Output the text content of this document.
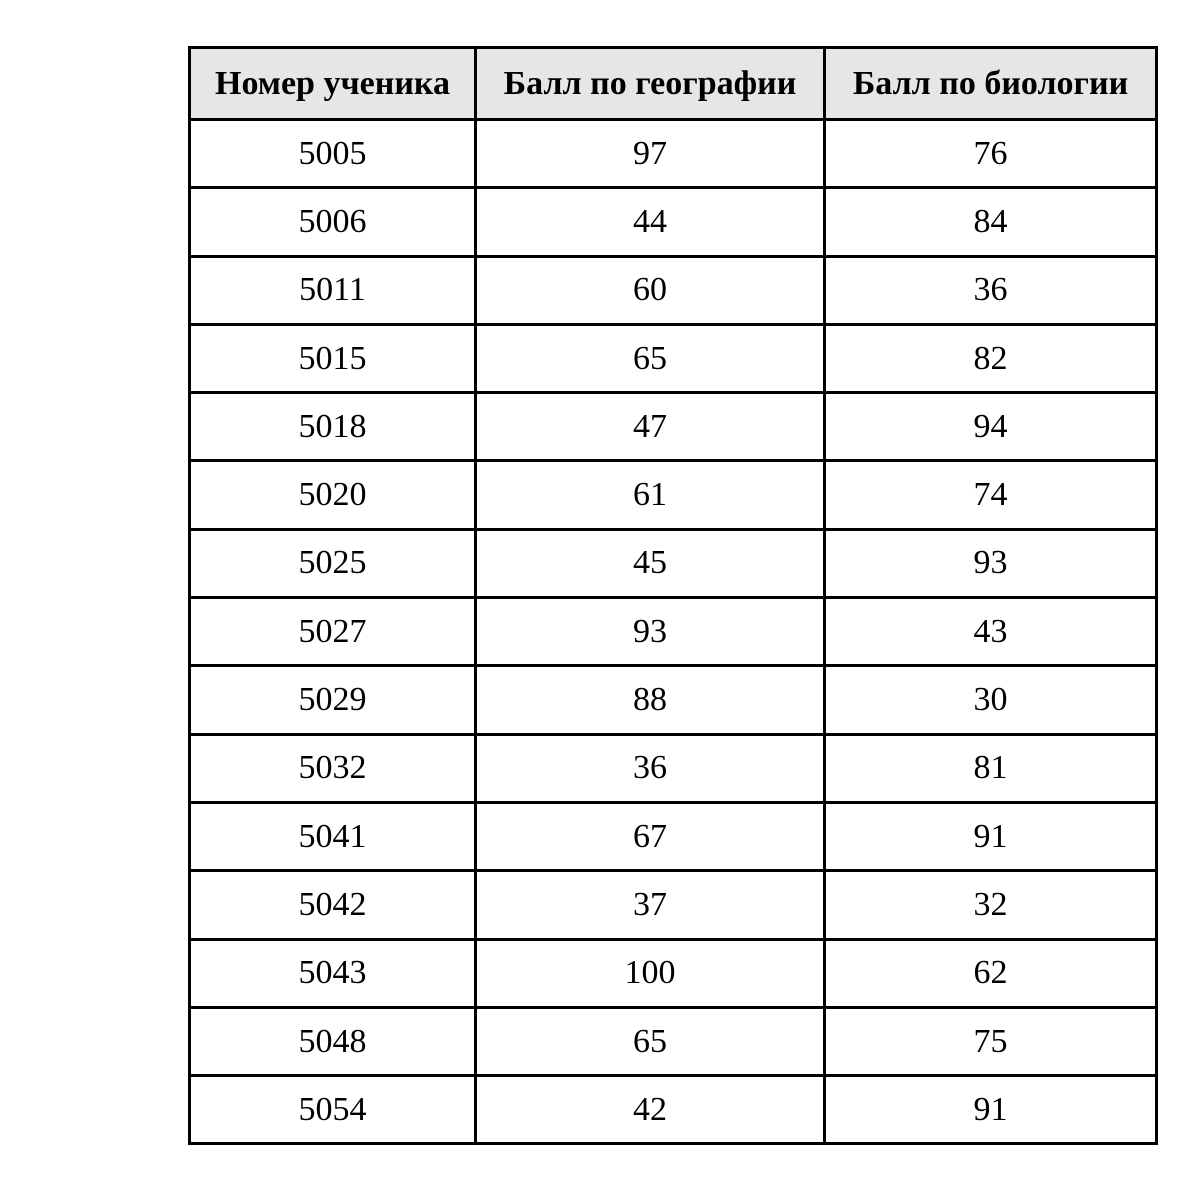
Номер ученика	Балл по географии	Балл по биологии
5005	97	76
5006	44	84
5011	60	36
5015	65	82
5018	47	94
5020	61	74
5025	45	93
5027	93	43
5029	88	30
5032	36	81
5041	67	91
5042	37	32
5043	100	62
5048	65	75
5054	42	91
